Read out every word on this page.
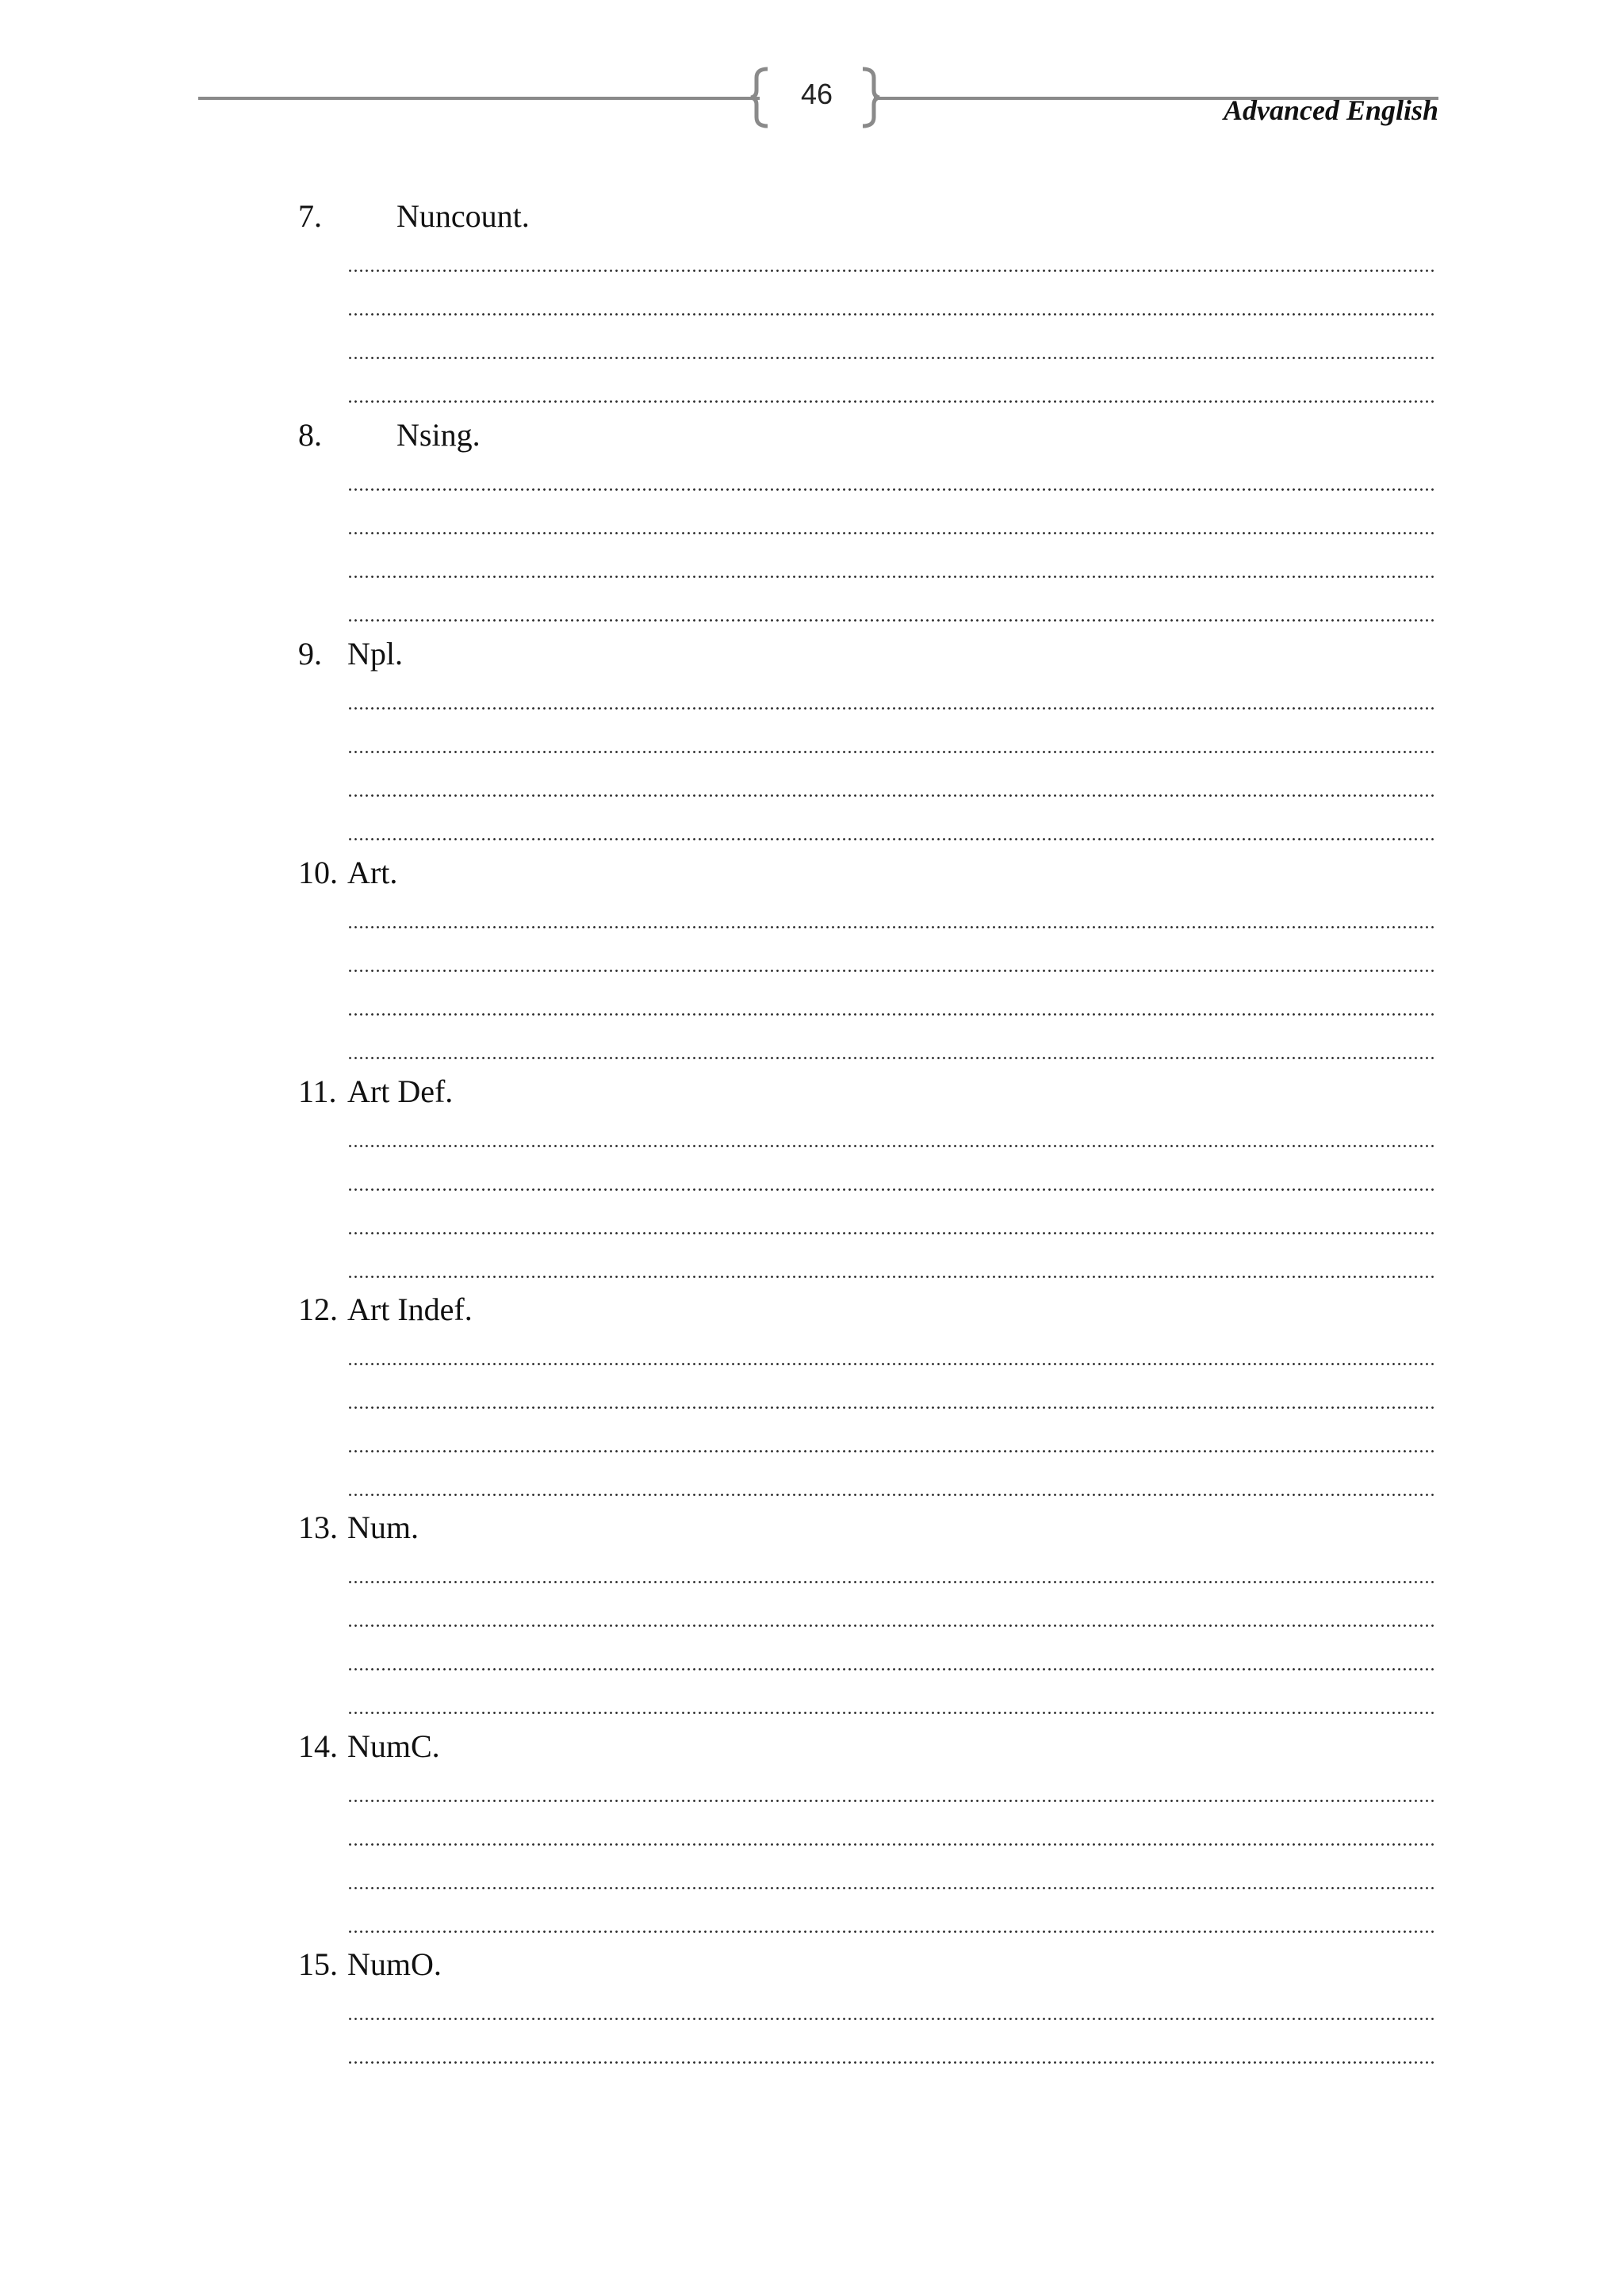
46	Advanced English
7. Nuncount.
8. Nsing.
9. Npl.
10. Art.
11. Art Def.
12. Art Indef.
13. Num.
14. NumC.
15. NumO.
